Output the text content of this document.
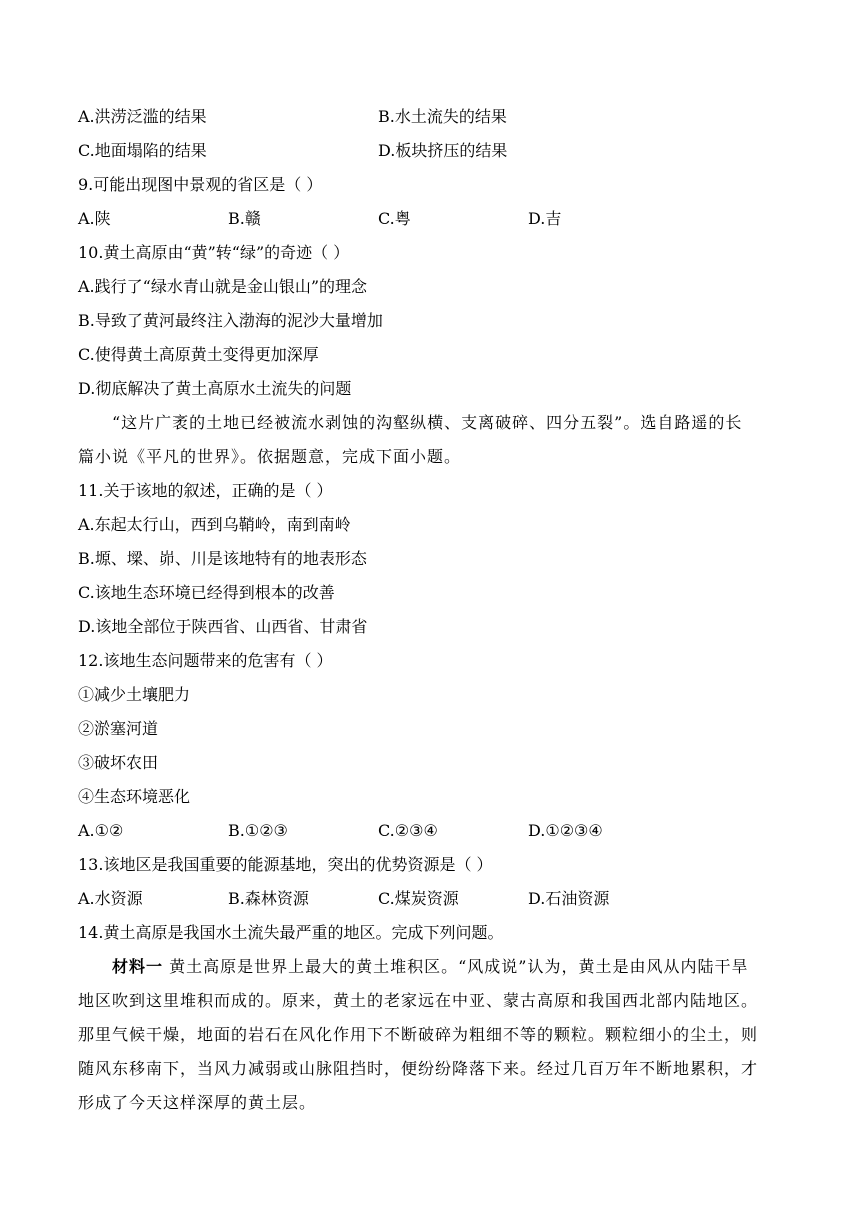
A.洪涝泛滥的结果	B.水土流失的结果
C.地面塌陷的结果	D.板块挤压的结果
9.可能出现图中景观的省区是（ ）
A.陕	B.赣	C.粤	D.吉
10.黄土高原由“黄”转“绿”的奇迹（ ）
A.践行了“绿水青山就是金山银山”的理念
B.导致了黄河最终注入渤海的泥沙大量增加
C.使得黄土高原黄土变得更加深厚
D.彻底解决了黄土高原水土流失的问题
“这片广袤的土地已经被流水剥蚀的沟壑纵横、支离破碎、四分五裂”。选自路遥的长
篇小说《平凡的世界》。依据题意，完成下面小题。
11.关于该地的叙述，正确的是（ ）
A.东起太行山，西到乌鞘岭，南到南岭
B.塬、墚、峁、川是该地特有的地表形态
C.该地生态环境已经得到根本的改善
D.该地全部位于陕西省、山西省、甘肃省
12.该地生态问题带来的危害有（ ）
①减少土壤肥力
②淤塞河道
③破坏农田
④生态环境恶化
A.①②	B.①②③	C.②③④	D.①②③④
13.该地区是我国重要的能源基地，突出的优势资源是（ ）
A.水资源	B.森林资源	C.煤炭资源	D.石油资源
14.黄土高原是我国水土流失最严重的地区。完成下列问题。
材料一 黄土高原是世界上最大的黄土堆积区。“风成说”认为，黄土是由风从内陆干旱
地区吹到这里堆积而成的。原来，黄土的老家远在中亚、蒙古高原和我国西北部内陆地区。
那里气候干燥，地面的岩石在风化作用下不断破碎为粗细不等的颗粒。颗粒细小的尘土，则
随风东移南下，当风力减弱或山脉阻挡时，便纷纷降落下来。经过几百万年不断地累积，才
形成了今天这样深厚的黄土层。
